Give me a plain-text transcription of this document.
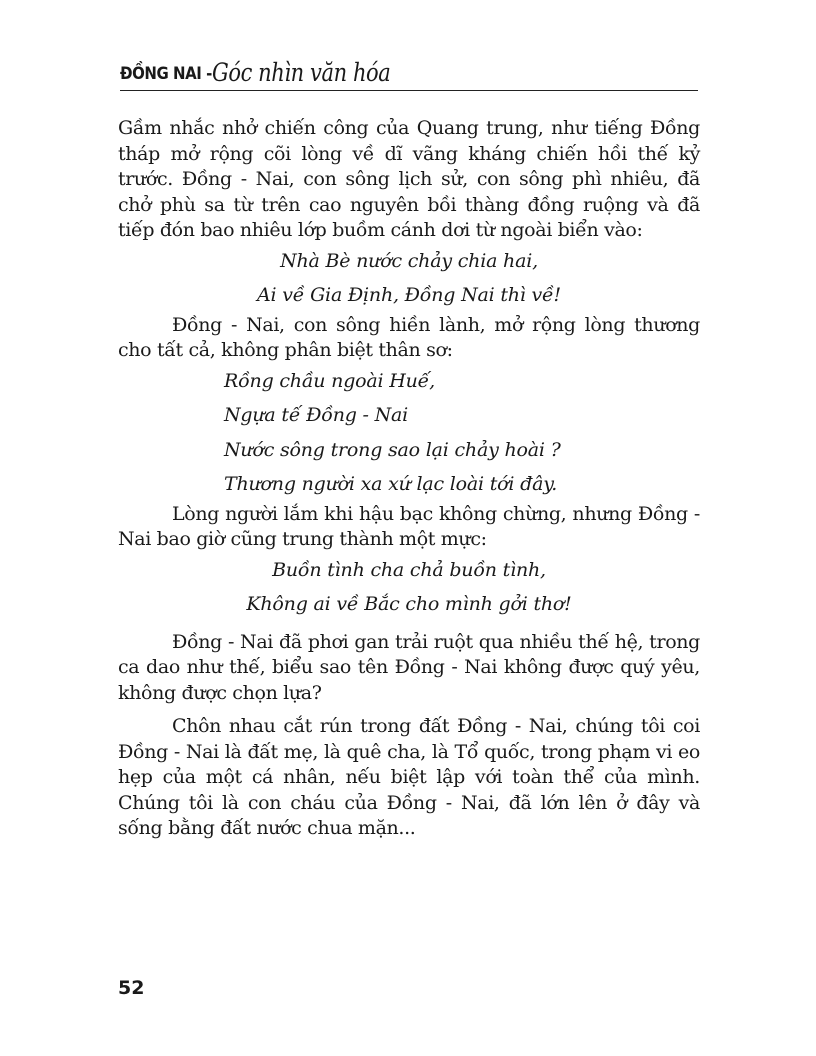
ĐỒNG NAI - Góc nhìn văn hóa

Gầm nhắc nhở chiến công của Quang trung, như tiếng Đồng tháp mở rộng cõi lòng về dĩ vãng kháng chiến hồi thế kỷ trước. Đồng - Nai, con sông lịch sử, con sông phì nhiêu, đã chở phù sa từ trên cao nguyên bồi thàng đồng ruộng và đã tiếp đón bao nhiêu lớp buồm cánh dơi từ ngoài biển vào:

Nhà Bè nước chảy chia hai,
Ai về Gia Định, Đồng Nai thì về!

Đồng - Nai, con sông hiền lành, mở rộng lòng thương cho tất cả, không phân biệt thân sơ:

Rồng chầu ngoài Huế,
Ngựa tế Đồng - Nai
Nước sông trong sao lại chảy hoài ?
Thương người xa xứ lạc loài tới đây.

Lòng người lắm khi hậu bạc không chừng, nhưng Đồng - Nai bao giờ cũng trung thành một mực:

Buồn tình cha chả buồn tình,
Không ai về Bắc cho mình gởi thơ!

Đồng - Nai đã phơi gan trải ruột qua nhiều thế hệ, trong ca dao như thế, biểu sao tên Đồng - Nai không được quý yêu, không được chọn lựa?

Chôn nhau cắt rún trong đất Đồng - Nai, chúng tôi coi Đồng - Nai là đất mẹ, là quê cha, là Tổ quốc, trong phạm vi eo hẹp của một cá nhân, nếu biệt lập với toàn thể của mình. Chúng tôi là con cháu của Đồng - Nai, đã lớn lên ở đây và sống bằng đất nước chua mặn...

52
